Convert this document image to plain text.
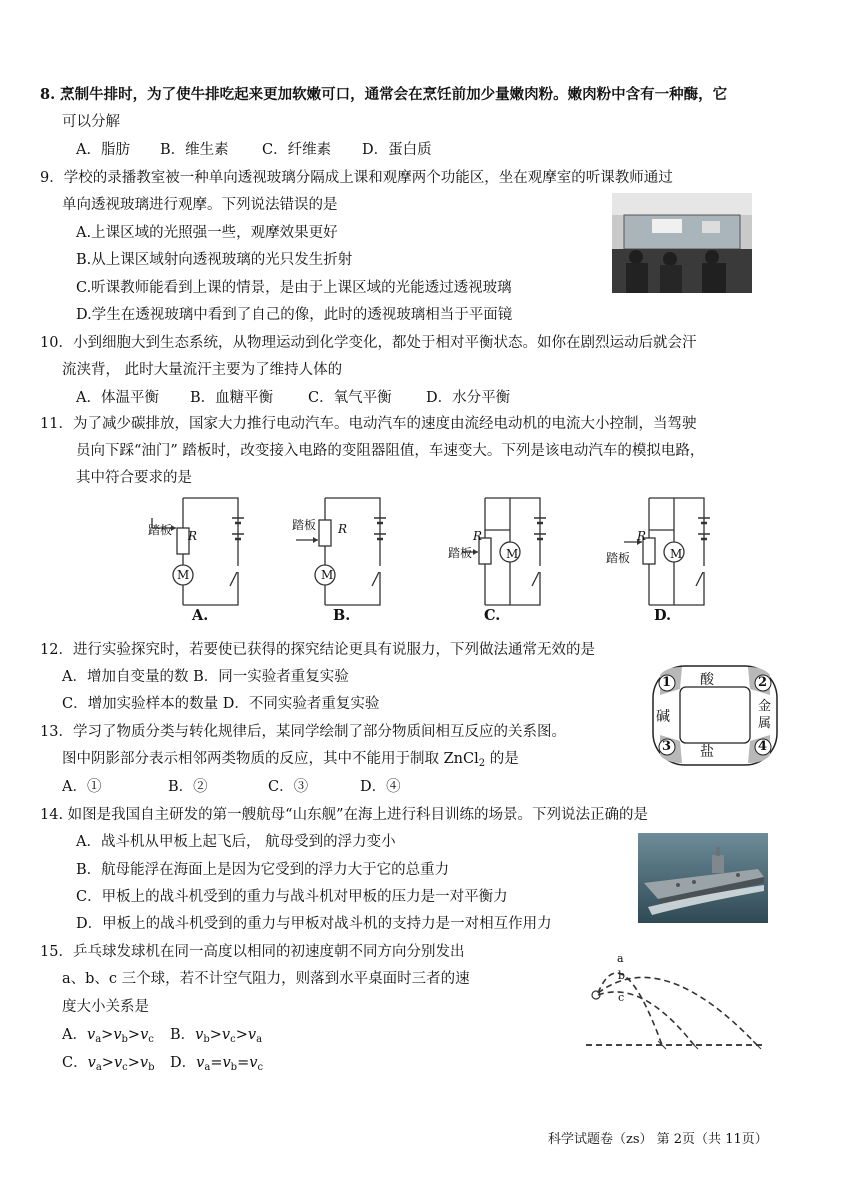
8. 烹制牛排时，为了使牛排吃起来更加软嫩可口，通常会在烹饪前加少量嫩肉粉。嫩肉粉中含有一种酶，它
可以分解
A．脂肪 B．维生素 C．纤维素 D．蛋白质
9．学校的录播教室被一种单向透视玻璃分隔成上课和观摩两个功能区，坐在观摩室的听课教师通过
单向透视玻璃进行观摩。下列说法错误的是
A.上课区域的光照强一些，观摩效果更好
B.从上课区域射向透视玻璃的光只发生折射
C.听课教师能看到上课的情景，是由于上课区域的光能透过透视玻璃
D.学生在透视玻璃中看到了自己的像，此时的透视玻璃相当于平面镜
10．小到细胞大到生态系统，从物理运动到化学变化，都处于相对平衡状态。如你在剧烈运动后就会汗
流浃背， 此时大量流汗主要为了维持人体的
A．体温平衡 B．血糖平衡 C．氧气平衡 D．水分平衡
11．为了减少碳排放，国家大力推行电动汽车。电动汽车的速度由流经电动机的电流大小控制，当驾驶
员向下踩“油门” 踏板时，改变接入电路的变阻器阻值，车速变大。下列是该电动汽车的模拟电路，
其中符合要求的是
踏板 R
M
A.
踏板 R
M
B.
踏板
R
M
C.
踏板
R
M
D.
12．进行实验探究时，若要使已获得的探究结论更具有说服力，下列做法通常无效的是
A．增加自变量的数 B．同一实验者重复实验
C．增加实验样本的数量 D．不同实验者重复实验
1	2
3	4
酸
碱
金属
盐
13．学习了物质分类与转化规律后，某同学绘制了部分物质间相互反应的关系图。
图中阴影部分表示相邻两类物质的反应，其中不能用于制取 ZnCl$_2$ 的是
A．①	B．②	C．③	D．④
14. 如图是我国自主研发的第一艘航母“山东舰”在海上进行科目训练的场景。下列说法正确的是
A．战斗机从甲板上起飞后， 航母受到的浮力变小
B．航母能浮在海面上是因为它受到的浮力大于它的总重力
C．甲板上的战斗机受到的重力与战斗机对甲板的压力是一对平衡力
D．甲板上的战斗机受到的重力与甲板对战斗机的支持力是一对相互作用力
15．乒乓球发球机在同一高度以相同的初速度朝不同方向分别发出
a、b、c 三个球，若不计空气阻力，则落到水平桌面时三者的速
度大小关系是
A．$v_a>v_b>v_c$ B．$v_b>v_c>v_a$
C．$v_a>v_c>v_b$ D．$v_a=v_b=v_c$
a
b
c
科学试题卷（zs） 第 2页（共 11页）
